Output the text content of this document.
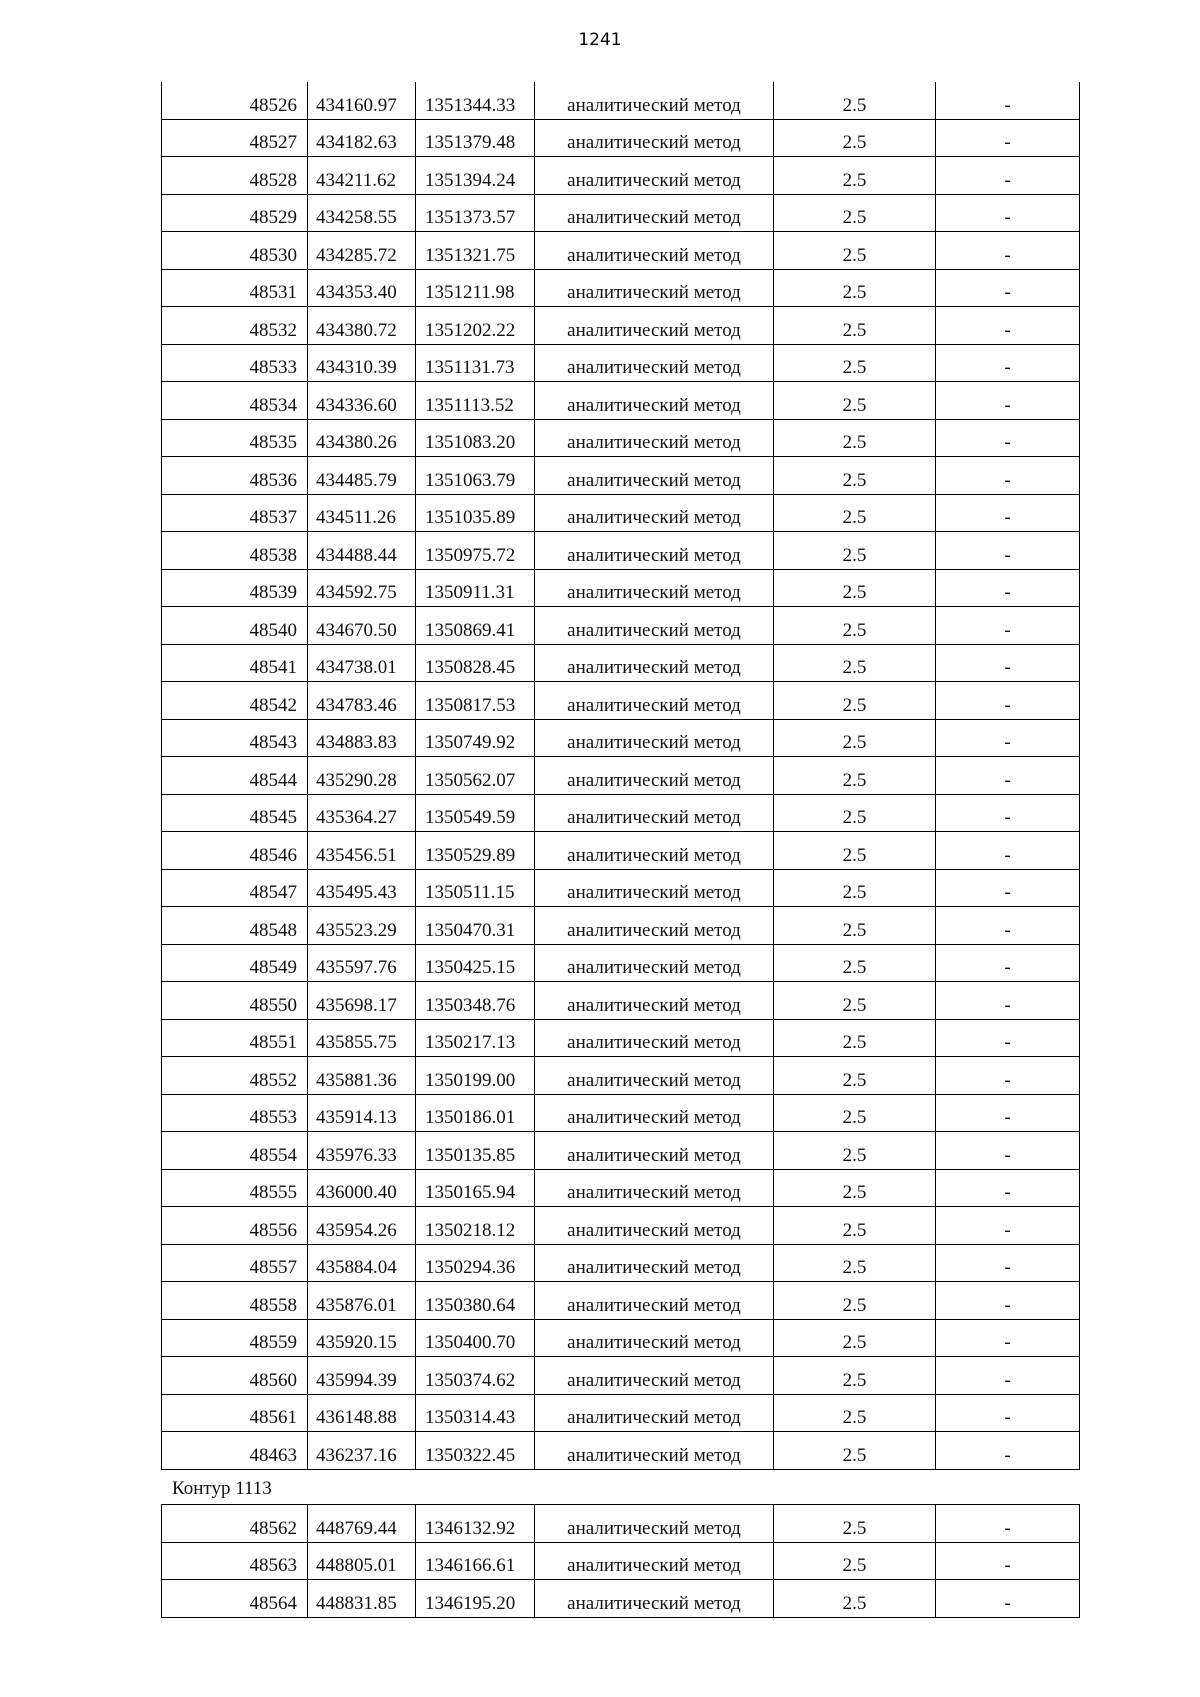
1241
48526	434160.97	1351344.33	аналитический метод	2.5	-
48527	434182.63	1351379.48	аналитический метод	2.5	-
48528	434211.62	1351394.24	аналитический метод	2.5	-
48529	434258.55	1351373.57	аналитический метод	2.5	-
48530	434285.72	1351321.75	аналитический метод	2.5	-
48531	434353.40	1351211.98	аналитический метод	2.5	-
48532	434380.72	1351202.22	аналитический метод	2.5	-
48533	434310.39	1351131.73	аналитический метод	2.5	-
48534	434336.60	1351113.52	аналитический метод	2.5	-
48535	434380.26	1351083.20	аналитический метод	2.5	-
48536	434485.79	1351063.79	аналитический метод	2.5	-
48537	434511.26	1351035.89	аналитический метод	2.5	-
48538	434488.44	1350975.72	аналитический метод	2.5	-
48539	434592.75	1350911.31	аналитический метод	2.5	-
48540	434670.50	1350869.41	аналитический метод	2.5	-
48541	434738.01	1350828.45	аналитический метод	2.5	-
48542	434783.46	1350817.53	аналитический метод	2.5	-
48543	434883.83	1350749.92	аналитический метод	2.5	-
48544	435290.28	1350562.07	аналитический метод	2.5	-
48545	435364.27	1350549.59	аналитический метод	2.5	-
48546	435456.51	1350529.89	аналитический метод	2.5	-
48547	435495.43	1350511.15	аналитический метод	2.5	-
48548	435523.29	1350470.31	аналитический метод	2.5	-
48549	435597.76	1350425.15	аналитический метод	2.5	-
48550	435698.17	1350348.76	аналитический метод	2.5	-
48551	435855.75	1350217.13	аналитический метод	2.5	-
48552	435881.36	1350199.00	аналитический метод	2.5	-
48553	435914.13	1350186.01	аналитический метод	2.5	-
48554	435976.33	1350135.85	аналитический метод	2.5	-
48555	436000.40	1350165.94	аналитический метод	2.5	-
48556	435954.26	1350218.12	аналитический метод	2.5	-
48557	435884.04	1350294.36	аналитический метод	2.5	-
48558	435876.01	1350380.64	аналитический метод	2.5	-
48559	435920.15	1350400.70	аналитический метод	2.5	-
48560	435994.39	1350374.62	аналитический метод	2.5	-
48561	436148.88	1350314.43	аналитический метод	2.5	-
48463	436237.16	1350322.45	аналитический метод	2.5	-
Контур 1113
48562	448769.44	1346132.92	аналитический метод	2.5	-
48563	448805.01	1346166.61	аналитический метод	2.5	-
48564	448831.85	1346195.20	аналитический метод	2.5	-
